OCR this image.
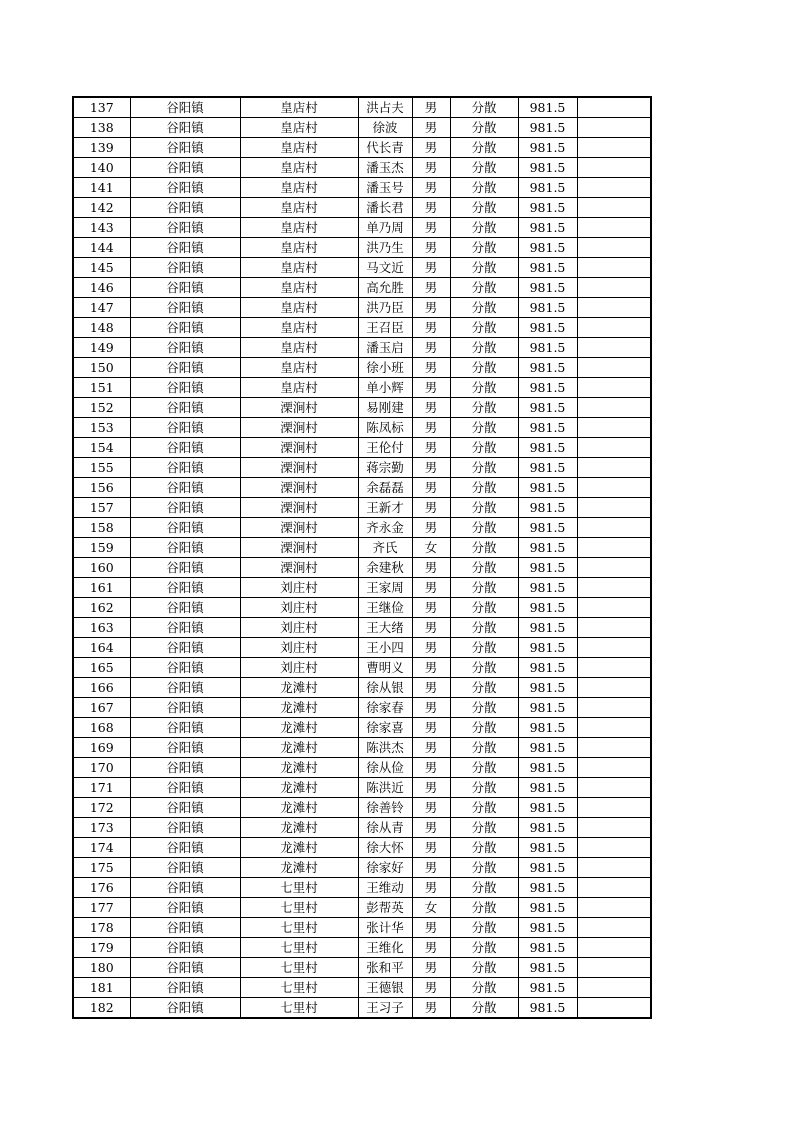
137	谷阳镇	皇店村	洪占夫	男	分散	981.5	
138	谷阳镇	皇店村	徐波	男	分散	981.5	
139	谷阳镇	皇店村	代长青	男	分散	981.5	
140	谷阳镇	皇店村	潘玉杰	男	分散	981.5	
141	谷阳镇	皇店村	潘玉号	男	分散	981.5	
142	谷阳镇	皇店村	潘长君	男	分散	981.5	
143	谷阳镇	皇店村	单乃周	男	分散	981.5	
144	谷阳镇	皇店村	洪乃生	男	分散	981.5	
145	谷阳镇	皇店村	马文近	男	分散	981.5	
146	谷阳镇	皇店村	高允胜	男	分散	981.5	
147	谷阳镇	皇店村	洪乃臣	男	分散	981.5	
148	谷阳镇	皇店村	王召臣	男	分散	981.5	
149	谷阳镇	皇店村	潘玉启	男	分散	981.5	
150	谷阳镇	皇店村	徐小班	男	分散	981.5	
151	谷阳镇	皇店村	单小辉	男	分散	981.5	
152	谷阳镇	溧涧村	易刚建	男	分散	981.5	
153	谷阳镇	溧涧村	陈凤标	男	分散	981.5	
154	谷阳镇	溧涧村	王伦付	男	分散	981.5	
155	谷阳镇	溧涧村	蒋宗勤	男	分散	981.5	
156	谷阳镇	溧涧村	余磊磊	男	分散	981.5	
157	谷阳镇	溧涧村	王新才	男	分散	981.5	
158	谷阳镇	溧涧村	齐永金	男	分散	981.5	
159	谷阳镇	溧涧村	齐氏	女	分散	981.5	
160	谷阳镇	溧涧村	余建秋	男	分散	981.5	
161	谷阳镇	刘庄村	王家周	男	分散	981.5	
162	谷阳镇	刘庄村	王继俭	男	分散	981.5	
163	谷阳镇	刘庄村	王大绪	男	分散	981.5	
164	谷阳镇	刘庄村	王小四	男	分散	981.5	
165	谷阳镇	刘庄村	曹明义	男	分散	981.5	
166	谷阳镇	龙滩村	徐从银	男	分散	981.5	
167	谷阳镇	龙滩村	徐家春	男	分散	981.5	
168	谷阳镇	龙滩村	徐家喜	男	分散	981.5	
169	谷阳镇	龙滩村	陈洪杰	男	分散	981.5	
170	谷阳镇	龙滩村	徐从俭	男	分散	981.5	
171	谷阳镇	龙滩村	陈洪近	男	分散	981.5	
172	谷阳镇	龙滩村	徐善铃	男	分散	981.5	
173	谷阳镇	龙滩村	徐从青	男	分散	981.5	
174	谷阳镇	龙滩村	徐大怀	男	分散	981.5	
175	谷阳镇	龙滩村	徐家好	男	分散	981.5	
176	谷阳镇	七里村	王维动	男	分散	981.5	
177	谷阳镇	七里村	彭帮英	女	分散	981.5	
178	谷阳镇	七里村	张计华	男	分散	981.5	
179	谷阳镇	七里村	王维化	男	分散	981.5	
180	谷阳镇	七里村	张和平	男	分散	981.5	
181	谷阳镇	七里村	王德银	男	分散	981.5	
182	谷阳镇	七里村	王习子	男	分散	981.5	
